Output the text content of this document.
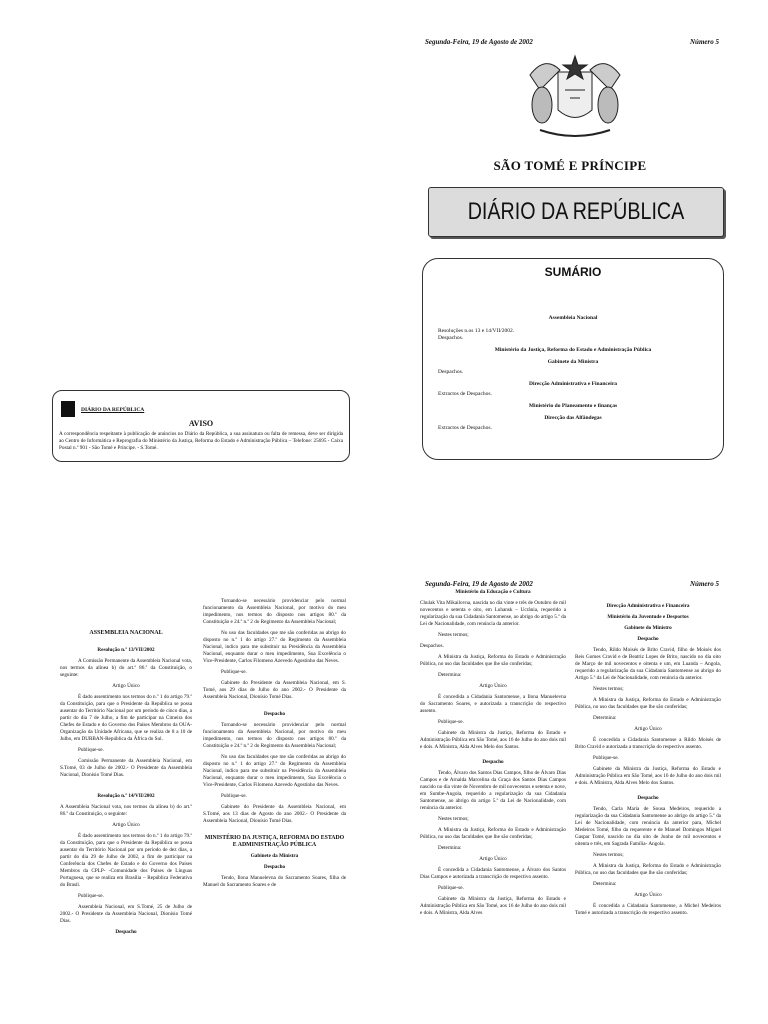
Segunda-Feira, 19 de Agosto de 2002	Número 5
SÃO TOMÉ E PRÍNCIPE
DIÁRIO DA REPÚBLICA
SUMÁRIO
Assembleia Nacional
Resoluções n.os 13 e 14/VII/2002.
Despachos.
Ministério da Justiça, Reforma do Estado e Administração Pública
Gabinete da Ministra
Despachos.
Direcção Administrativa e Financeira
Extractos de Despachos.
Ministério do Planeamento e finanças
Direcção das Alfândegas
Extractos de Despachos.
DIÁRIO DA REPÚBLICA
AVISO
A correspondência respeitante à publicação de anúncios no Diário da República, a sua assinatura ou falta de remessa, deve ser dirigida ao Centro de Informática e Reprografia do Ministério da Justiça, Reforma do Estado e Administração Pública – Telefone: 25695 - Caixa Postal n.º 901 - São Tomé e Príncipe. - S.Tomé.

ASSEMBLEIA NACIONAL

Resolução n.º 13/VII/2002

A Comissão Permanente da Assembleia Nacional vota, nos termos da alínea b) do art.º 86.º da Constituição, o seguinte:

Artigo Único

É dado assentimento nos termos do n.º 1 do artigo 79.º da Constituição, para que o Presidente da República se possa ausentar do Território Nacional por um período de cinco dias, a partir do dia 7 de Julho, a fim de participar na Cimeira dos Chefes de Estado e do Governo dos Países Membros da OUA-Organização da Unidade Africana, que se realiza de 8 a 10 de Julho, em DURBAN-República da África do Sul.

Publique-se.

Comissão Permanente da Assembleia Nacional, em S.Tomé, 03 de Julho de 2002.- O Presidente da Assembleia Nacional, Dionísio Tomé Dias.

Resolução n.º 14/VII/2002

A Assembleia Nacional vota, nos termos da alínea b) do art.º 86.º da Constituição, o seguinte:

Artigo Único

É dado assentimento nos termos do n.º 1 do artigo 79.º da Constituição, para que o Presidente da República se possa ausentar do Território Nacional por um período de dez dias, a partir do dia 29 de Julho de 2002, a fim de participar na Conferência dos Chefes de Estado e do Governo dos Países Membros da CPLP- -Comunidade dos Países de Línguas Portuguesa, que se realiza em Brasília – República Federativa do Brasil.

Publique-se.

Assembleia Nacional, em S.Tomé, 25 de Julho de 2002.- O Presidente da Assembleia Nacional, Dionísio Tomé Dias.

Despacho

Tornando-se necessário providenciar pelo normal funcionamento da Assembleia Nacional, por motivo do meu impedimento, nos termos do disposto nos artigos 80.º da Constituição e 24.º n.º 2 do Regimento da Assembleia Nacional;

No uso das faculdades que me são conferidas ao abrigo do disposto no n.º 1 do artigo 27.º do Regimento da Assembleia Nacional, indico para me substituir na Presidência da Assembleia Nacional, enquanto durar o meu impedimento, Sua Excelência o Vice-Presidente, Carlos Filomeno Azevedo Agostinho das Neves.

Publique-se.

Gabinete do Presidente da Assembleia Nacional, em S. Tomé, aos 29 dias de Julho do ano 2002.- O Presidente da Assembleia Nacional, Dionísio Tomé Dias.

Despacho

Tornando-se necessário providenciar pelo normal funcionamento da Assembleia Nacional, por motivo do meu impedimento, nos termos do disposto nos artigos 80.º da Constituição e 24.º n.º 2 do Regimento da Assembleia Nacional;

No uso das faculdades que me são conferidas ao abrigo do disposto no n.º 1 do artigo 27.º do Regimento da Assembleia Nacional, indico para me substituir na Presidência da Assembleia Nacional, enquanto durar o meu impedimento, Sua Excelência o Vice-Presidente, Carlos Filomeno Azevedo Agostinho das Neves.

Publique-se.

Gabinete do Presidente da Assembleia Nacional, em S.Tomé, aos 13 dias de Agosto do ano 2002.- O Presidente da Assembleia Nacional, Dionísio Tomé Dias.

MINISTÉRIO DA JUSTIÇA, REFORMA DO ESTADO E ADMINISTRAÇÃO PÚBLICA

Gabinete da Ministra

Despacho

Tendo, Ilona Manuelevna do Sacramento Soares, filha de Manuel do Sacramento Soares e de

Segunda-Feira, 19 de Agosto de 2002	Número 5

Ministério da Educação e Cultura

Chulak Vita Mikailovna, nascida no dia vinte e três de Outubro de mil novecentos e setenta e oito, em Luhansk – Ucrânia, requerido a regularização da sua Cidadania Santomense, ao abrigo do artigo 5.º da Lei de Nacionalidade, com renúncia da anterior.

Nestes termos;

Despachos.

A Ministra da Justiça, Reforma do Estado e Administração Pública, no uso das faculdades que lhe são conferidas;

Determina:

Artigo Único

É concedida a Cidadania Santomense, a Ilona Manuelevna do Sacramento Soares, e autorizada a transcrição do respectivo assento.

Publique-se.

Gabinete da Ministra da Justiça, Reforma do Estado e Administração Pública em São Tomé, aos 16 de Julho do ano dois mil e dois. A Ministra, Alda Alves Melo dos Santos.

Despacho

Tendo, Álvaro dos Santos Dias Campos, filho de Álvaro Dias Campos e de Arnalda Marcelina da Graça dos Santos Dias Campos nascido no dia vinte de Novembro de mil novecentos e setenta e nove, em Sumbe-Angola, requerido a regularização da sua Cidadania Santomense, ao abrigo do artigo 5.º da Lei de Nacionalidade, com renúncia da anterior.

Nestes termos;

A Ministra da Justiça, Reforma do Estado e Administração Pública, no uso das faculdades que lhe são conferidas;

Determina:

Artigo Único

É concedida a Cidadania Santomense, a Álvaro dos Santos Dias Campos e autorizada a transcrição do respectivo assento.

Publique-se.

Gabinete da Ministra da Justiça, Reforma do Estado e Administração Pública em São Tomé, aos 16 de Julho do ano dois mil e dois. A Ministra, Alda Alves

Direcção Administrativa e Financeira

Ministério da Juventude e Desportos

Gabinete do Ministro

Despacho

Tendo, Rildo Moisés de Brito Cravid, filho de Moisés dos Reis Gomes Cravid e de Beatriz Lopes de Brito, nascido no dia oito de Março de mil novecentos e oitenta e um, em Luanda – Angola, requerido a regularização da sua Cidadania Santomense ao abrigo do Artigo 5.º da Lei de Nacionalidade, com renúncia da anterior.

Nestes termos;

A Ministra da Justiça, Reforma do Estado e Administração Pública, no uso das faculdades que lhe são conferidas;

Determina:

Artigo Único

É concedida a Cidadania Santomense a Rildo Moisés de Brito Cravid e autorizada a transcrição do respectivo assento.

Publique-se.

Gabinete da Ministra da Justiça, Reforma do Estado e Administração Pública em São Tomé, aos 16 de Julho do ano dois mil e dois. A Ministra, Alda Alves Melo dos Santos.

Despacho

Tendo, Carla Maria de Sousa Medeiros, requerido a regularização da sua Cidadania Santomense ao abrigo do artigo 5.º da Lei de Nacionalidade, com renúncia da anterior para, Michel Medeiros Tomé, filho da requerente e de Manuel Domingos Miguel Gaspar Tomé, nascido no dia oito de Junho de mil novecentos e oitenta e três, em Sagrada Família- Angola.

Nestes termos;

A Ministra da Justiça, Reforma do Estado e Administração Pública, no uso das faculdades que lhe são conferidas;

Determina:

Artigo Único

É concedida a Cidadania Santomense, a Michel Medeiros Tomé e autorizada a transcrição do respectivo assento.
